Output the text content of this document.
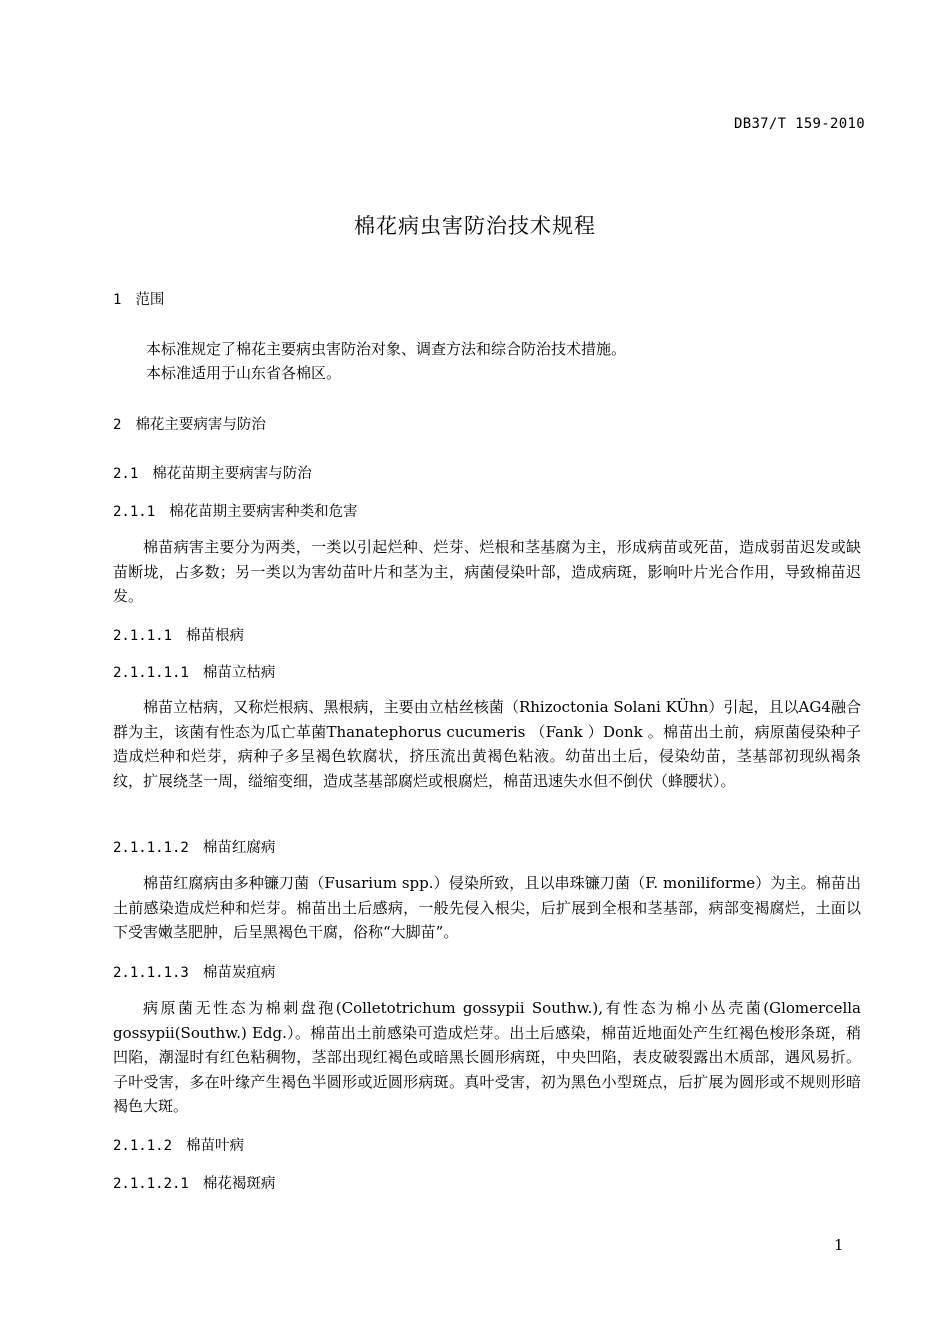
DB37/T 159-2010
棉花病虫害防治技术规程
1 范围
本标准规定了棉花主要病虫害防治对象、调查方法和综合防治技术措施。
本标准适用于山东省各棉区。
2 棉花主要病害与防治
2.1 棉花苗期主要病害与防治
2.1.1 棉花苗期主要病害种类和危害
棉苗病害主要分为两类，一类以引起烂种、烂芽、烂根和茎基腐为主，形成病苗或死苗，造成弱苗迟发或缺苗断垅，占多数；另一类以为害幼苗叶片和茎为主，病菌侵染叶部，造成病斑，影响叶片光合作用，导致棉苗迟发。
2.1.1.1 棉苗根病
2.1.1.1.1 棉苗立枯病
棉苗立枯病，又称烂根病、黑根病，主要由立枯丝核菌（Rhizoctonia Solani KÜhn）引起，且以AG4融合群为主，该菌有性态为瓜亡革菌Thanatephorus cucumeris （Fank ）Donk 。棉苗出土前，病原菌侵染种子造成烂种和烂芽，病种子多呈褐色软腐状，挤压流出黄褐色粘液。幼苗出土后，侵染幼苗，茎基部初现纵褐条纹，扩展绕茎一周，缢缩变细，造成茎基部腐烂或根腐烂，棉苗迅速失水但不倒伏（蜂腰状）。
2.1.1.1.2 棉苗红腐病
棉苗红腐病由多种镰刀菌（Fusarium spp.）侵染所致，且以串珠镰刀菌（F. moniliforme）为主。棉苗出土前感染造成烂种和烂芽。棉苗出土后感病，一般先侵入根尖，后扩展到全根和茎基部，病部变褐腐烂，土面以下受害嫩茎肥肿，后呈黑褐色干腐，俗称“大脚苗”。
2.1.1.1.3 棉苗炭疽病
病原菌无性态为棉刺盘孢(Colletotrichum gossypii Southw.),有性态为棉小丛壳菌(Glomercella gossypii(Southw.) Edg.）。棉苗出土前感染可造成烂芽。出土后感染，棉苗近地面处产生红褐色梭形条斑，稍凹陷，潮湿时有红色粘稠物，茎部出现红褐色或暗黑长圆形病斑，中央凹陷，表皮破裂露出木质部，遇风易折。子叶受害，多在叶缘产生褐色半圆形或近圆形病斑。真叶受害，初为黑色小型斑点，后扩展为圆形或不规则形暗褐色大斑。
2.1.1.2 棉苗叶病
2.1.1.2.1 棉花褐斑病
1
